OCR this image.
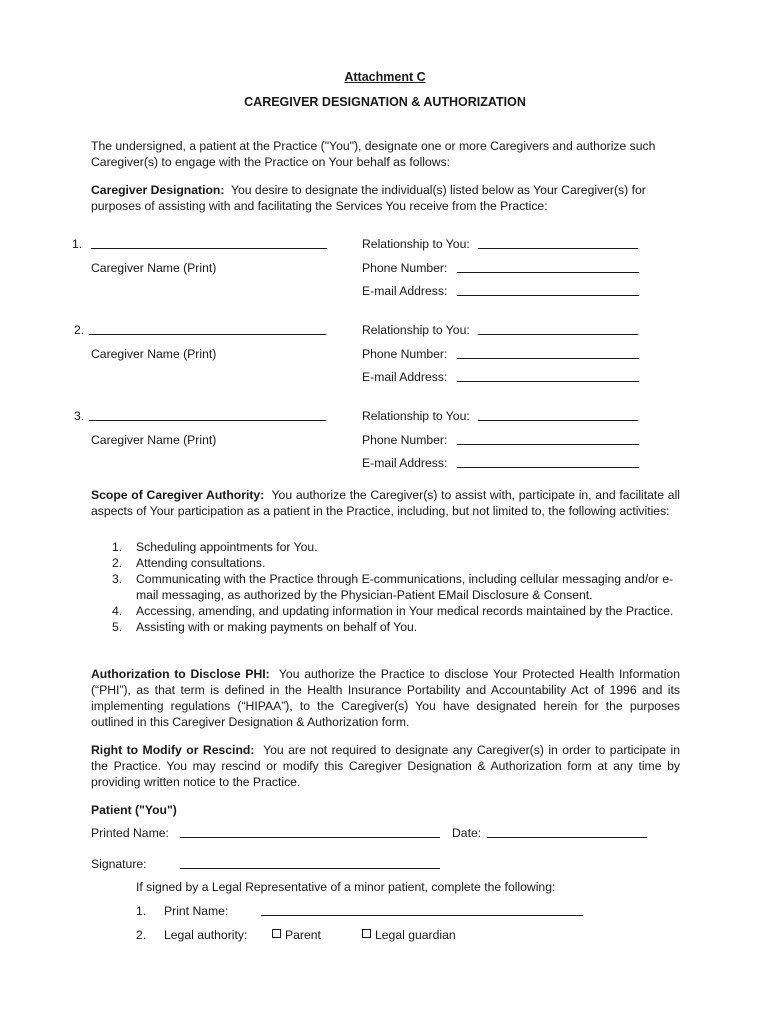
Attachment C
CAREGIVER DESIGNATION & AUTHORIZATION
The undersigned, a patient at the Practice ("You"), designate one or more Caregivers and authorize such Caregiver(s) to engage with the Practice on Your behalf as follows:
Caregiver Designation: You desire to designate the individual(s) listed below as Your Caregiver(s) for purposes of assisting with and facilitating the Services You receive from the Practice:
1.
Caregiver Name (Print)
Relationship to You:
Phone Number:
E-mail Address:
2.
Caregiver Name (Print)
Relationship to You:
Phone Number:
E-mail Address:
3.
Caregiver Name (Print)
Relationship to You:
Phone Number:
E-mail Address:
Scope of Caregiver Authority: You authorize the Caregiver(s) to assist with, participate in, and facilitate all aspects of Your participation as a patient in the Practice, including, but not limited to, the following activities:
1. Scheduling appointments for You.
2. Attending consultations.
3. Communicating with the Practice through E-communications, including cellular messaging and/or e-mail messaging, as authorized by the Physician-Patient EMail Disclosure & Consent.
4. Accessing, amending, and updating information in Your medical records maintained by the Practice.
5. Assisting with or making payments on behalf of You.
Authorization to Disclose PHI: You authorize the Practice to disclose Your Protected Health Information (“PHI”), as that term is defined in the Health Insurance Portability and Accountability Act of 1996 and its implementing regulations (“HIPAA”), to the Caregiver(s) You have designated herein for the purposes outlined in this Caregiver Designation & Authorization form.
Right to Modify or Rescind: You are not required to designate any Caregiver(s) in order to participate in the Practice. You may rescind or modify this Caregiver Designation & Authorization form at any time by providing written notice to the Practice.
Patient ("You")
Printed Name:	Date:
Signature:
If signed by a Legal Representative of a minor patient, complete the following:
1. Print Name:
2. Legal authority:	Parent	Legal guardian
